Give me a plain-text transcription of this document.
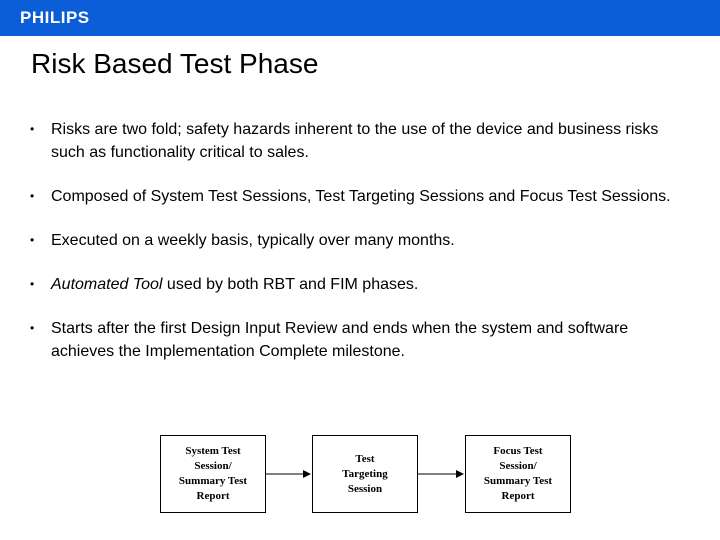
PHILIPS
Risk Based Test Phase
• Risks are two fold; safety hazards inherent to the use of the device and business risks such as functionality critical to sales.
• Composed of System Test Sessions, Test Targeting Sessions and Focus Test Sessions.
• Executed on a weekly basis, typically over many months.
• Automated Tool used by both RBT and FIM phases.
• Starts after the first Design Input Review and ends when the system and software achieves the Implementation Complete milestone.
System Test
Session/
Summary Test
Report
Test
Targeting
Session
Focus Test
Session/
Summary Test
Report
